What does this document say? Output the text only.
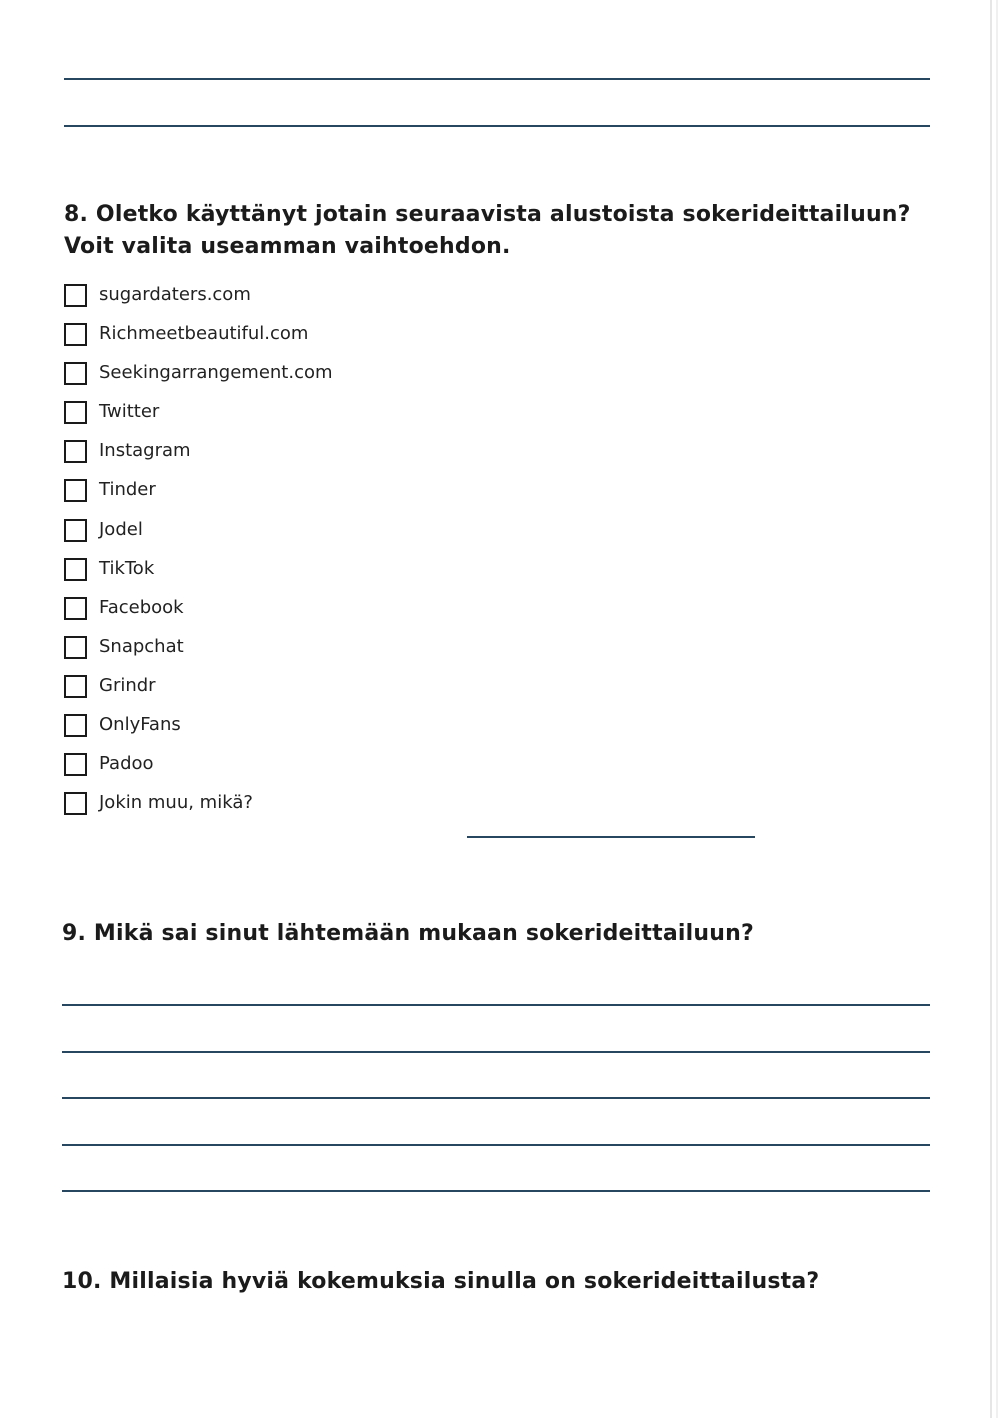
8. Oletko käyttänyt jotain seuraavista alustoista sokerideittailuun? Voit valita useamman vaihtoehdon.

sugardaters.com
Richmeetbeautiful.com
Seekingarrangement.com
Twitter
Instagram
Tinder
Jodel
TikTok
Facebook
Snapchat
Grindr
OnlyFans
Padoo
Jokin muu, mikä?

9. Mikä sai sinut lähtemään mukaan sokerideittailuun?

10. Millaisia hyviä kokemuksia sinulla on sokerideittailusta?
